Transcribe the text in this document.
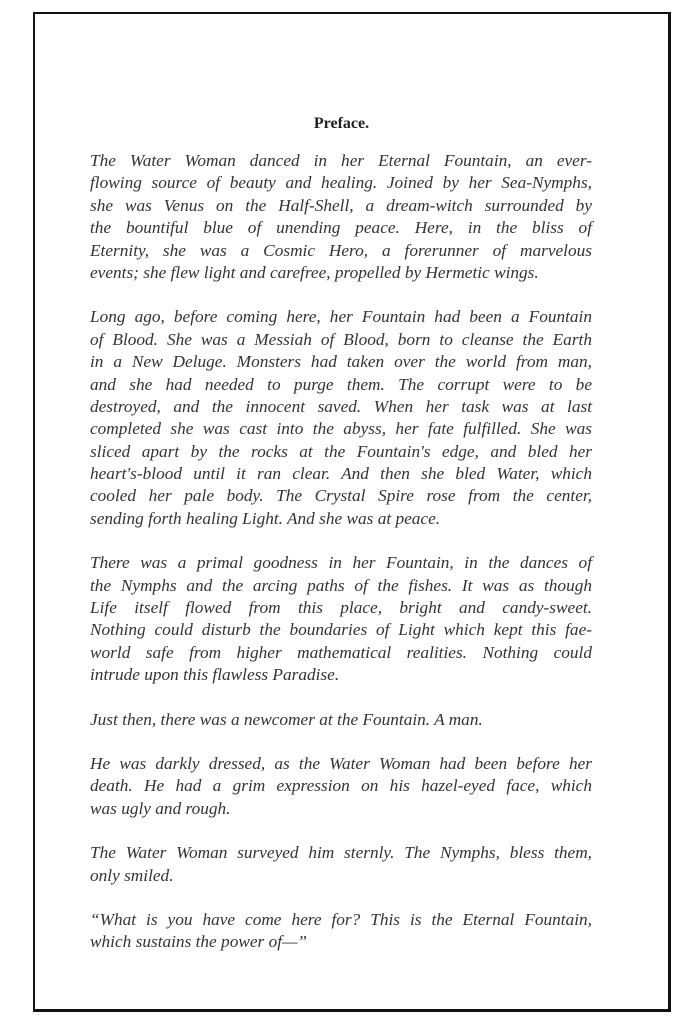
Preface.
The Water Woman danced in her Eternal Fountain, an ever-
flowing source of beauty and healing. Joined by her Sea-Nymphs,
she was Venus on the Half-Shell, a dream-witch surrounded by
the bountiful blue of unending peace. Here, in the bliss of
Eternity, she was a Cosmic Hero, a forerunner of marvelous
events; she flew light and carefree, propelled by Hermetic wings.
Long ago, before coming here, her Fountain had been a Fountain
of Blood. She was a Messiah of Blood, born to cleanse the Earth
in a New Deluge. Monsters had taken over the world from man,
and she had needed to purge them. The corrupt were to be
destroyed, and the innocent saved. When her task was at last
completed she was cast into the abyss, her fate fulfilled. She was
sliced apart by the rocks at the Fountain's edge, and bled her
heart's-blood until it ran clear. And then she bled Water, which
cooled her pale body. The Crystal Spire rose from the center,
sending forth healing Light. And she was at peace.
There was a primal goodness in her Fountain, in the dances of
the Nymphs and the arcing paths of the fishes. It was as though
Life itself flowed from this place, bright and candy-sweet.
Nothing could disturb the boundaries of Light which kept this fae-
world safe from higher mathematical realities. Nothing could
intrude upon this flawless Paradise.
Just then, there was a newcomer at the Fountain. A man.
He was darkly dressed, as the Water Woman had been before her
death. He had a grim expression on his hazel-eyed face, which
was ugly and rough.
The Water Woman surveyed him sternly. The Nymphs, bless them,
only smiled.
“What is you have come here for? This is the Eternal Fountain,
which sustains the power of—”
